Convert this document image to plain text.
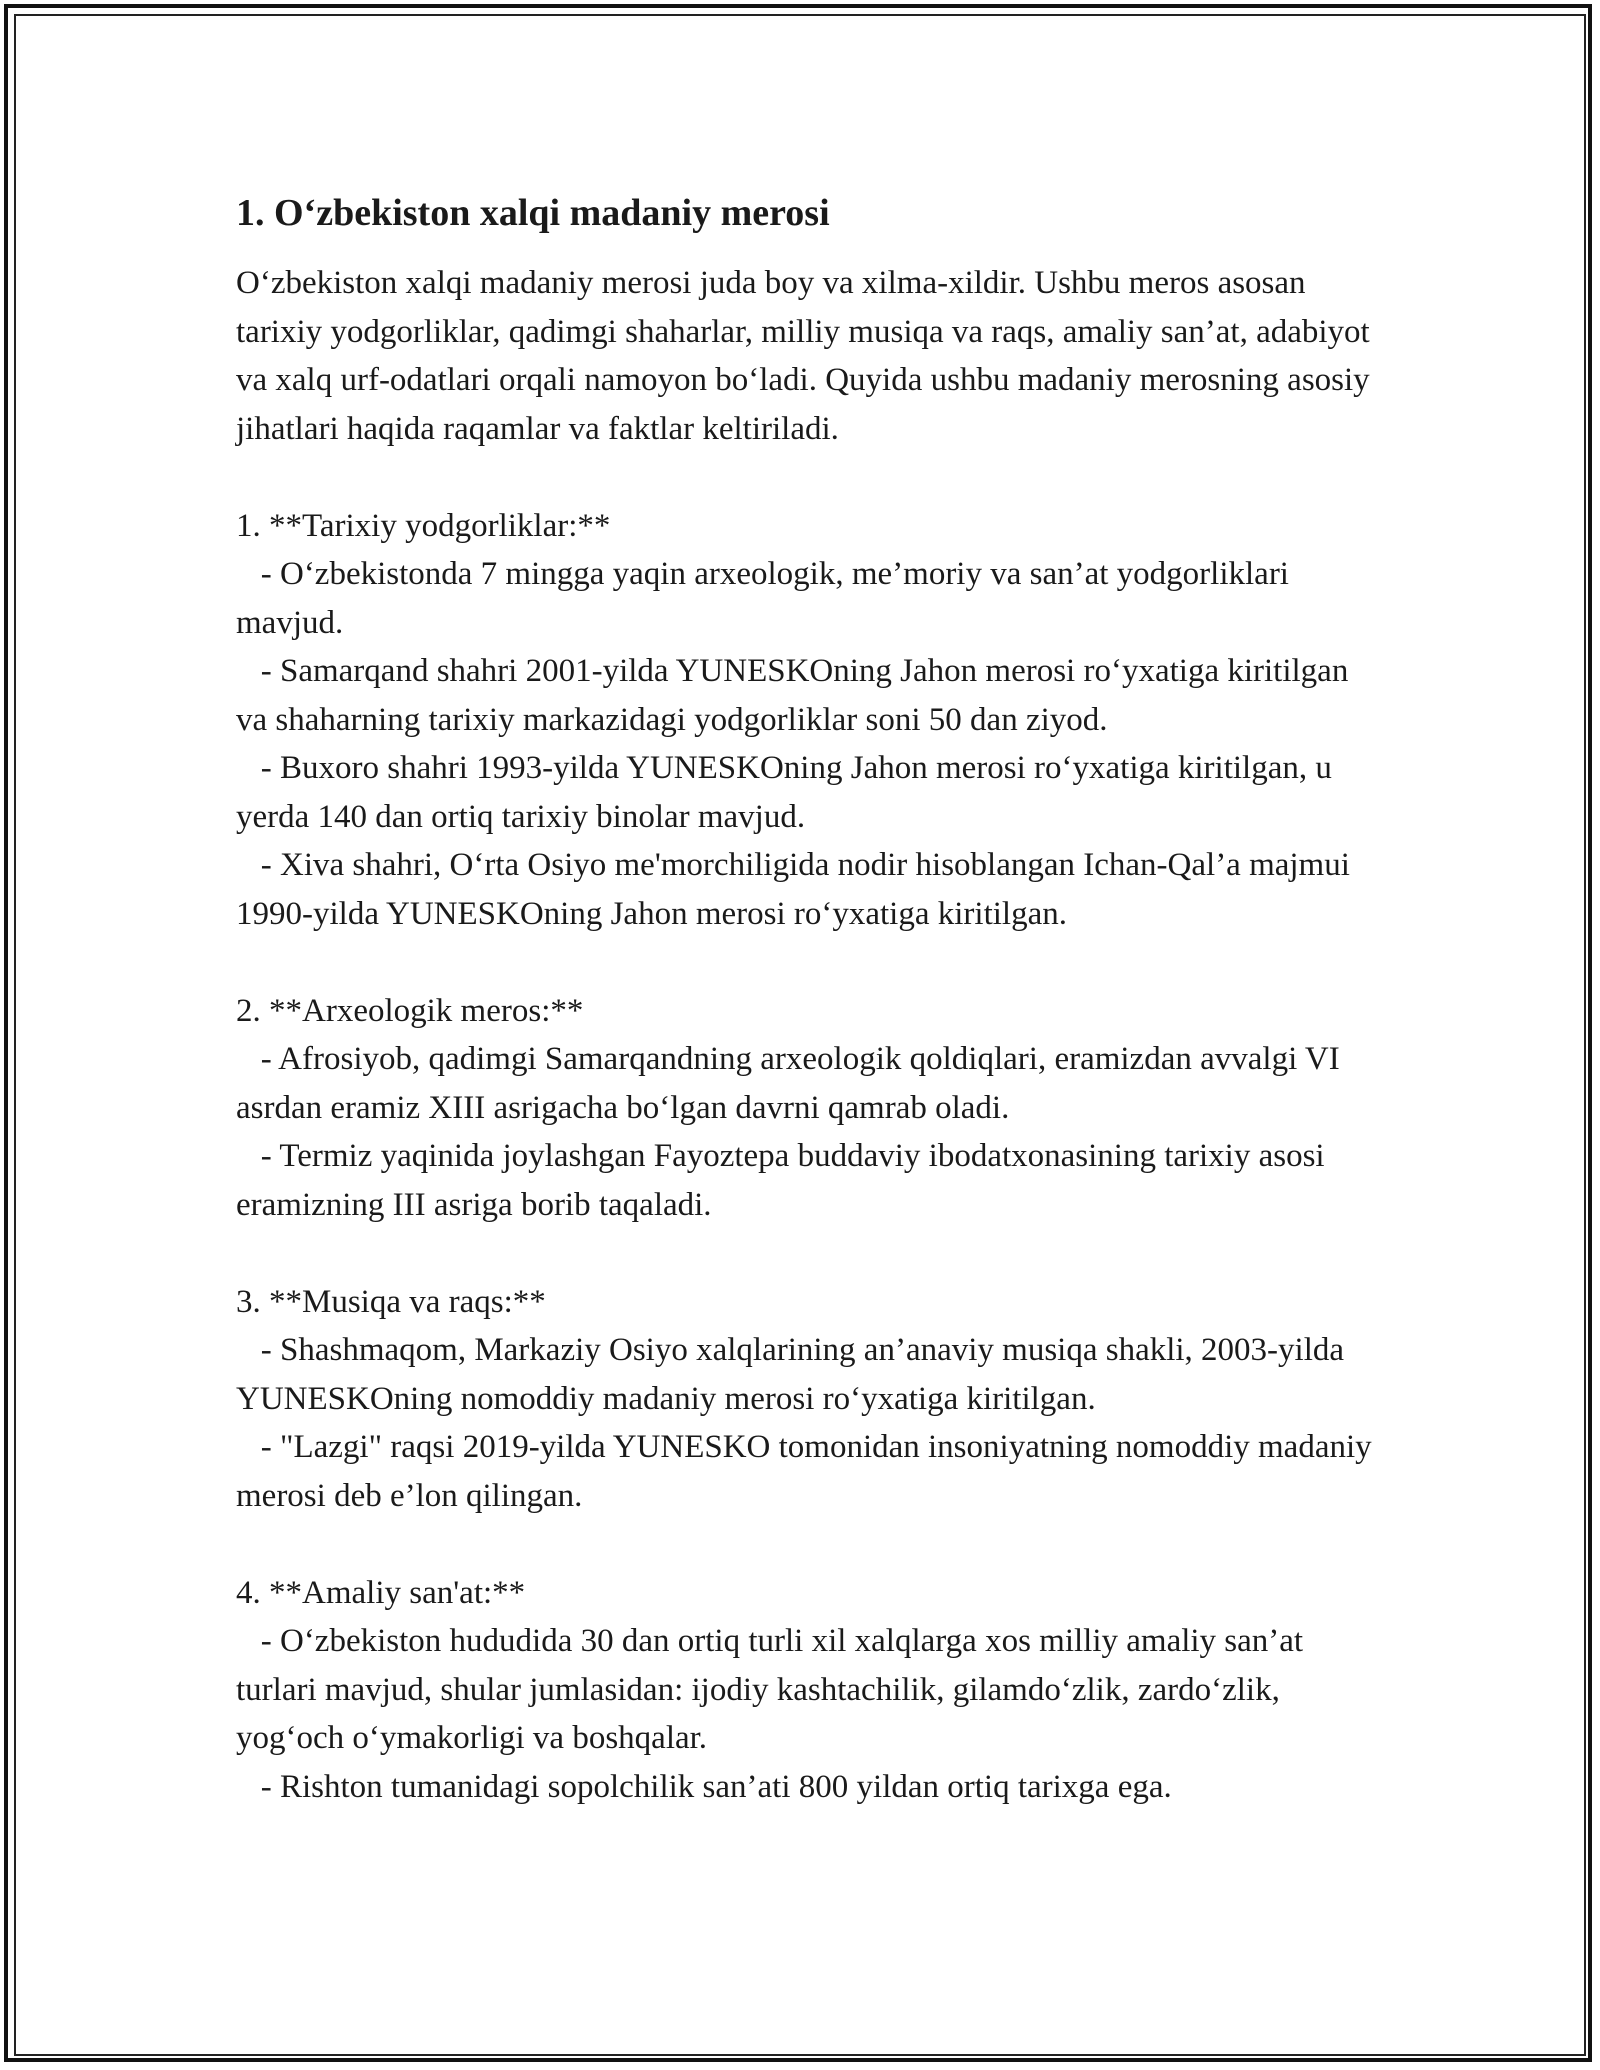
1. O‘zbekiston xalqi madaniy merosi

O‘zbekiston xalqi madaniy merosi juda boy va xilma-xildir. Ushbu meros asosan tarixiy yodgorliklar, qadimgi shaharlar, milliy musiqa va raqs, amaliy san’at, adabiyot va xalq urf-odatlari orqali namoyon bo‘ladi. Quyida ushbu madaniy merosning asosiy jihatlari haqida raqamlar va faktlar keltiriladi.

1. **Tarixiy yodgorliklar:**

- O‘zbekistonda 7 mingga yaqin arxeologik, me’moriy va san’at yodgorliklari mavjud.
- Samarqand shahri 2001-yilda YUNESKOning Jahon merosi ro‘yxatiga kiritilgan va shaharning tarixiy markazidagi yodgorliklar soni 50 dan ziyod.
- Buxoro shahri 1993-yilda YUNESKOning Jahon merosi ro‘yxatiga kiritilgan, u yerda 140 dan ortiq tarixiy binolar mavjud.
- Xiva shahri, O‘rta Osiyo me'morchiligida nodir hisoblangan Ichan-Qal’a majmui 1990-yilda YUNESKOning Jahon merosi ro‘yxatiga kiritilgan.

2. **Arxeologik meros:**

- Afrosiyob, qadimgi Samarqandning arxeologik qoldiqlari, eramizdan avvalgi VI asrdan eramiz XIII asrigacha bo‘lgan davrni qamrab oladi.
- Termiz yaqinida joylashgan Fayoztepa buddaviy ibodatxonasining tarixiy asosi eramizning III asriga borib taqaladi.

3. **Musiqa va raqs:**

- Shashmaqom, Markaziy Osiyo xalqlarining an’anaviy musiqa shakli, 2003-yilda YUNESKOning nomoddiy madaniy merosi ro‘yxatiga kiritilgan.
- "Lazgi" raqsi 2019-yilda YUNESKO tomonidan insoniyatning nomoddiy madaniy merosi deb e’lon qilingan.

4. **Amaliy san'at:**

- O‘zbekiston hududida 30 dan ortiq turli xil xalqlarga xos milliy amaliy san’at turlari mavjud, shular jumlasidan: ijodiy kashtachilik, gilamdo‘zlik, zardo‘zlik, yog‘och o‘ymakorligi va boshqalar.
- Rishton tumanidagi sopolchilik san’ati 800 yildan ortiq tarixga ega.
